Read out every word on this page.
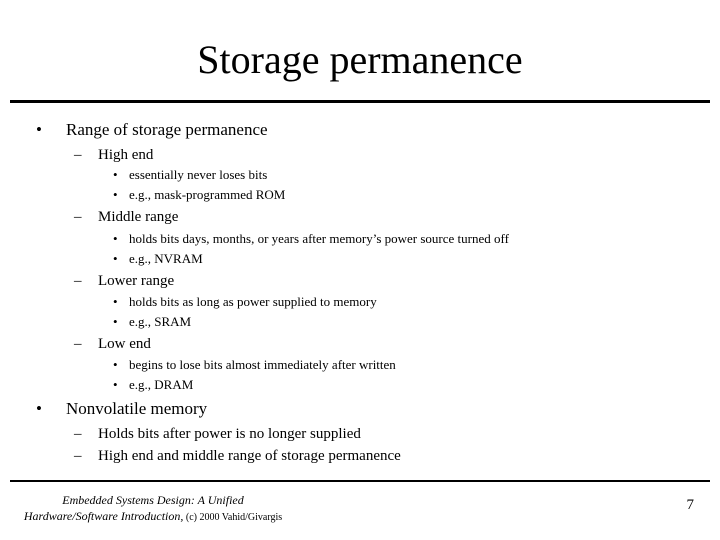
Storage permanence
• Range of storage permanence
– High end
• essentially never loses bits
• e.g., mask-programmed ROM
– Middle range
• holds bits days, months, or years after memory’s power source turned off
• e.g., NVRAM
– Lower range
• holds bits as long as power supplied to memory
• e.g., SRAM
– Low end
• begins to lose bits almost immediately after written
• e.g., DRAM
• Nonvolatile memory
– Holds bits after power is no longer supplied
– High end and middle range of storage permanence
Embedded Systems Design: A Unified
Hardware/Software Introduction, (c) 2000 Vahid/Givargis
7
